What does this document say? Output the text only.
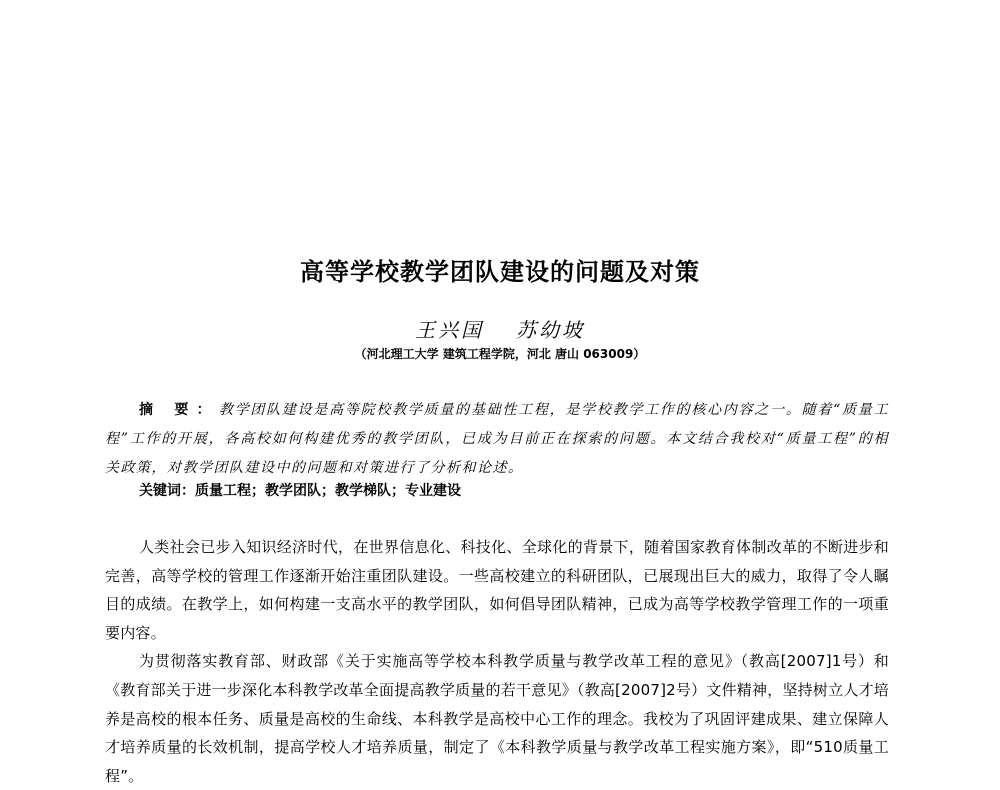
高等学校教学团队建设的问题及对策
王兴国 苏幼坡
（河北理工大学 建筑工程学院，河北 唐山 063009）
摘 要：教学团队建设是高等院校教学质量的基础性工程，是学校教学工作的核心内容之一。随着“质量工程”工作的开展，各高校如何构建优秀的教学团队，已成为目前正在探索的问题。本文结合我校对“质量工程”的相关政策，对教学团队建设中的问题和对策进行了分析和论述。
关键词：质量工程；教学团队；教学梯队；专业建设

人类社会已步入知识经济时代，在世界信息化、科技化、全球化的背景下，随着国家教育体制改革的不断进步和完善，高等学校的管理工作逐渐开始注重团队建设。一些高校建立的科研团队，已展现出巨大的威力，取得了令人瞩目的成绩。在教学上，如何构建一支高水平的教学团队，如何倡导团队精神，已成为高等学校教学管理工作的一项重要内容。

为贯彻落实教育部、财政部《关于实施高等学校本科教学质量与教学改革工程的意见》（教高[2007]1号）和《教育部关于进一步深化本科教学改革全面提高教学质量的若干意见》（教高[2007]2号）文件精神，坚持树立人才培养是高校的根本任务、质量是高校的生命线、本科教学是高校中心工作的理念。我校为了巩固评建成果、建立保障人才培养质量的长效机制，提高学校人才培养质量，制定了《本科教学质量与教学改革工程实施方案》，即“510质量工程”。
